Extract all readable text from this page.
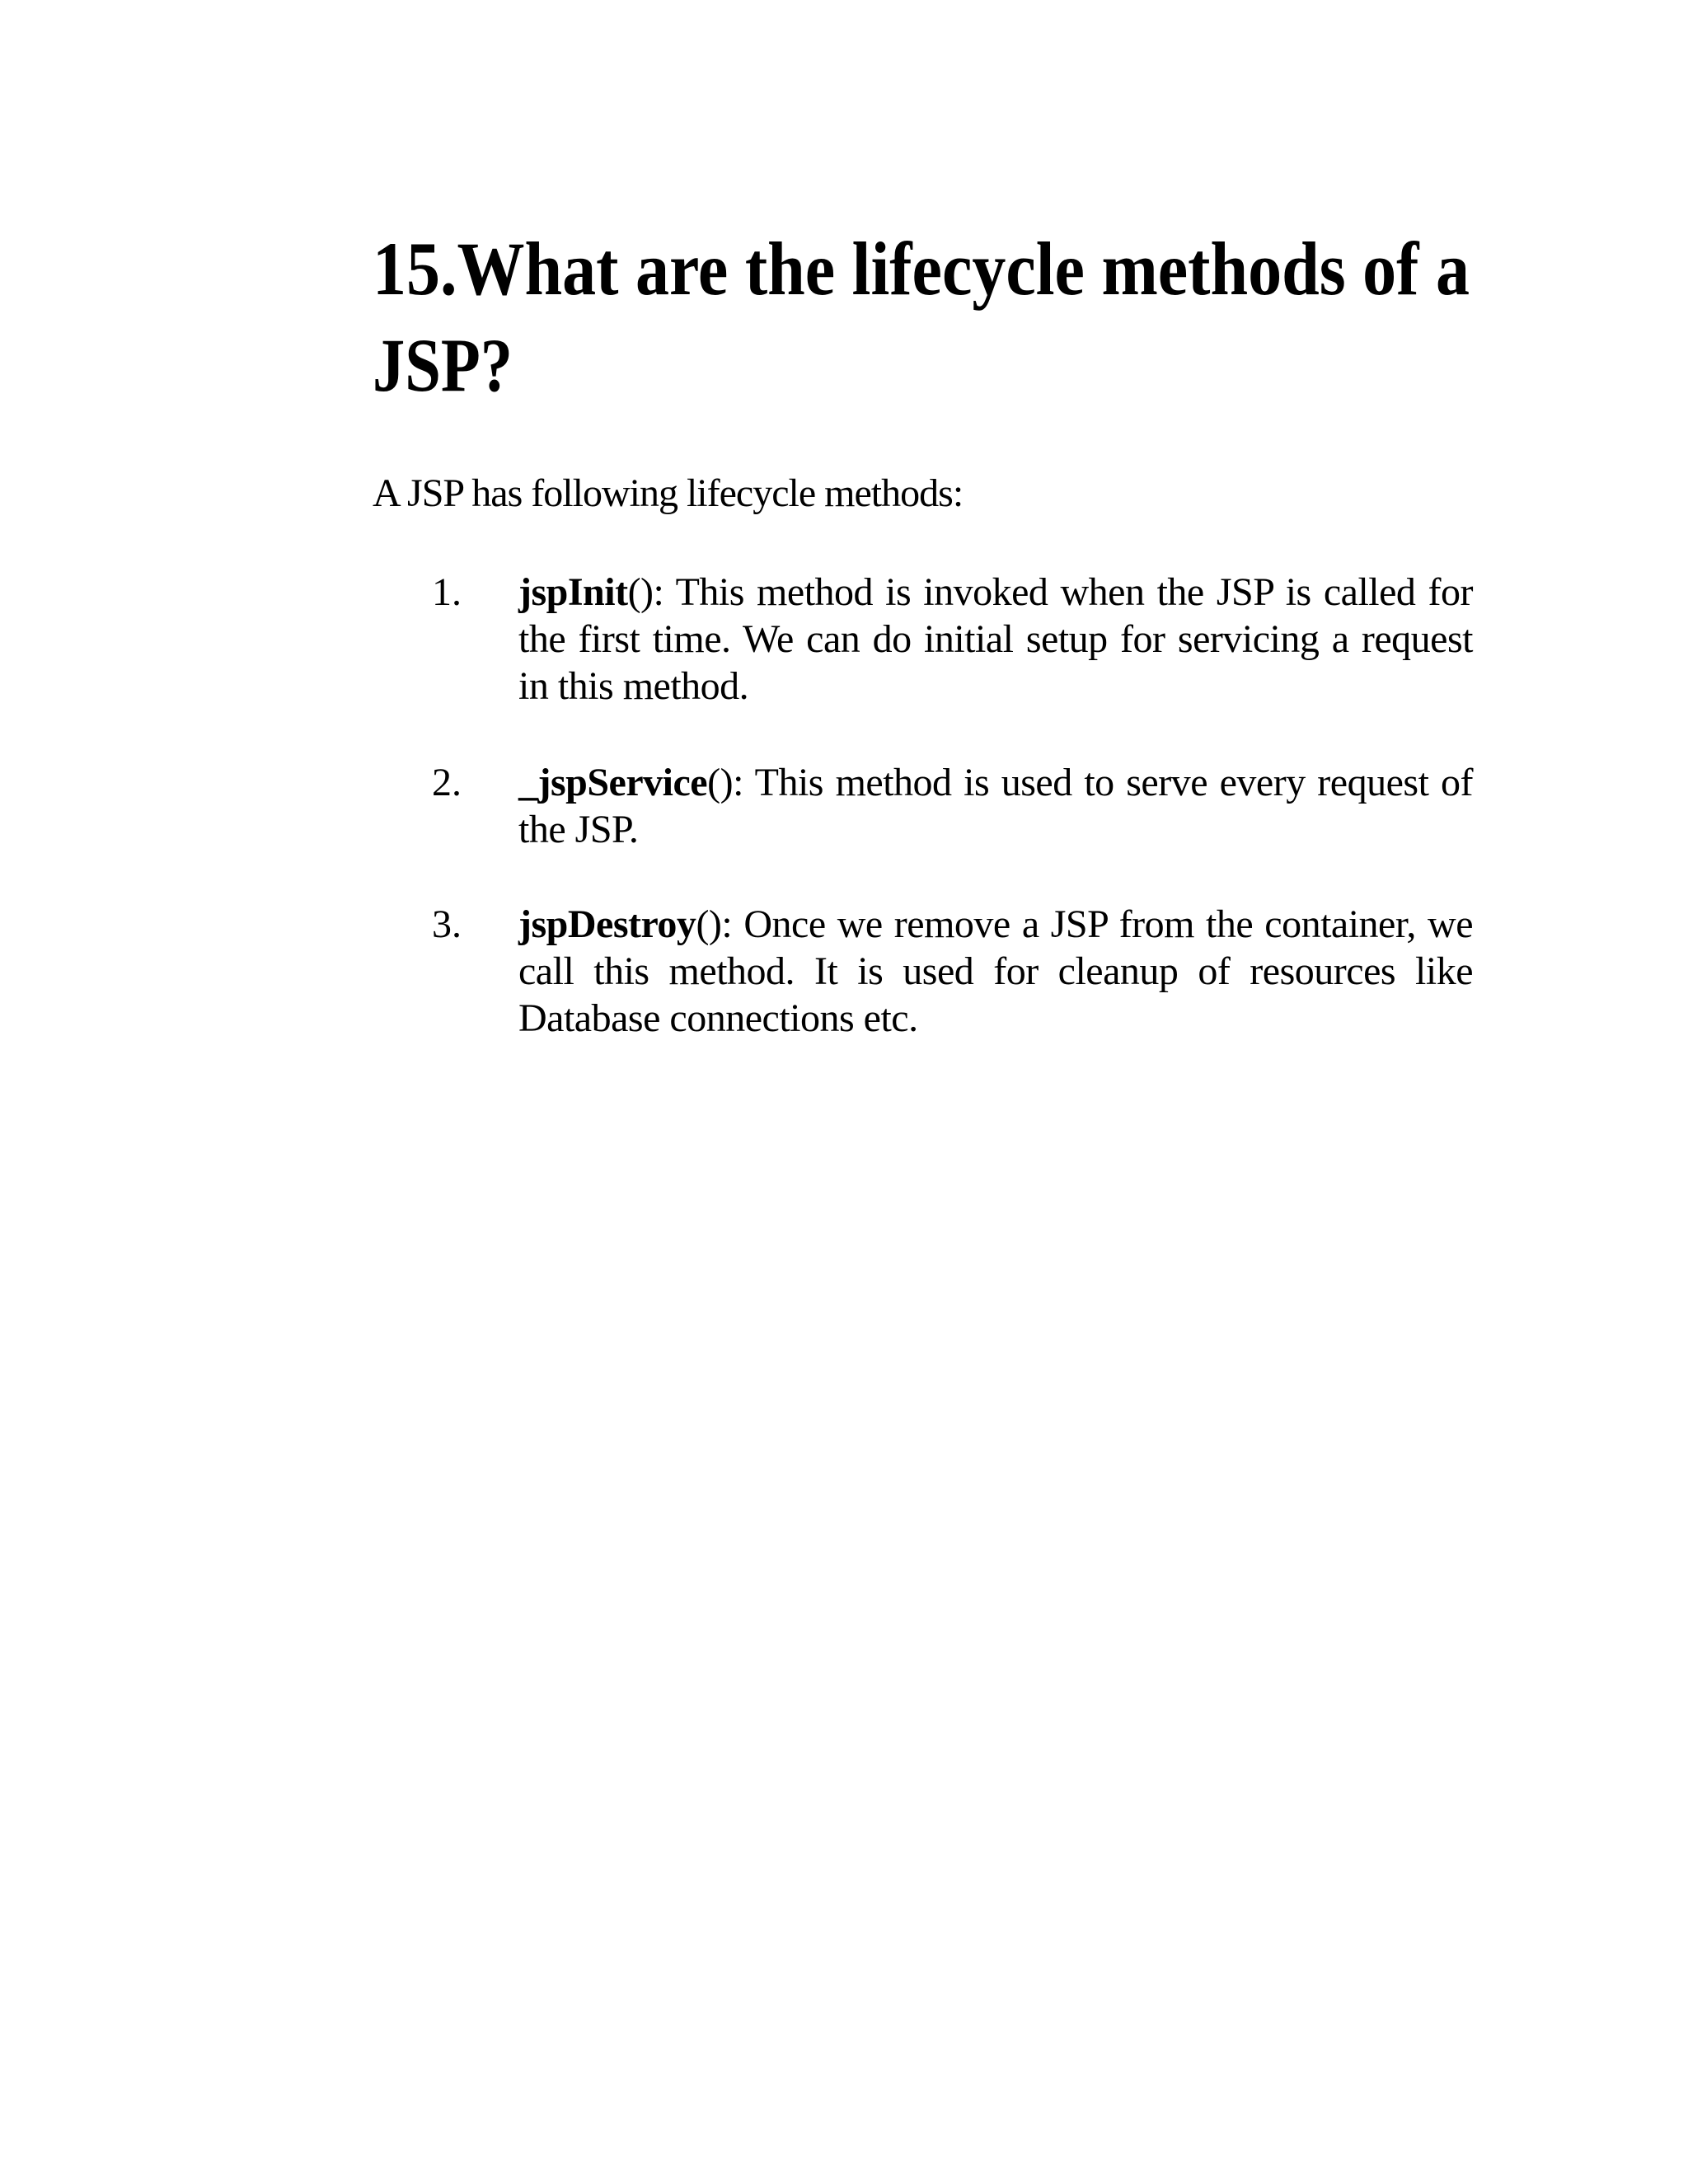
15.What are the lifecycle methods of a
JSP?
A JSP has following lifecycle methods:
1. jspInit(): This method is invoked when the JSP is called for the first time. We can do initial setup for servicing a request in this method.
2. _jspService(): This method is used to serve every request of the JSP.
3. jspDestroy(): Once we remove a JSP from the container, we call this method. It is used for cleanup of resources like Database connections etc.
